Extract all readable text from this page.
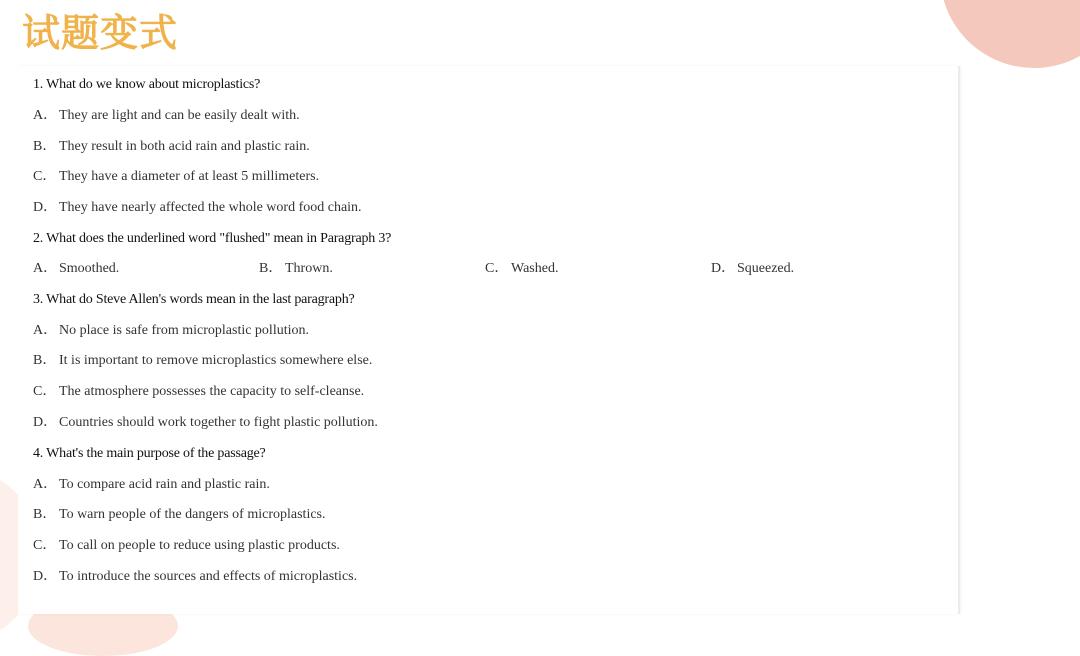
试题变式
1. What do we know about microplastics?
A． They are light and can be easily dealt with.
B． They result in both acid rain and plastic rain.
C． They have a diameter of at least 5 millimeters.
D． They have nearly affected the whole word food chain.
2. What does the underlined word "flushed" mean in Paragraph 3?
A． Smoothed.	B． Thrown.	C． Washed.	D． Squeezed.
3. What do Steve Allen's words mean in the last paragraph?
A． No place is safe from microplastic pollution.
B． It is important to remove microplastics somewhere else.
C． The atmosphere possesses the capacity to self-cleanse.
D． Countries should work together to fight plastic pollution.
4. What's the main purpose of the passage?
A． To compare acid rain and plastic rain.
B． To warn people of the dangers of microplastics.
C． To call on people to reduce using plastic products.
D． To introduce the sources and effects of microplastics.
